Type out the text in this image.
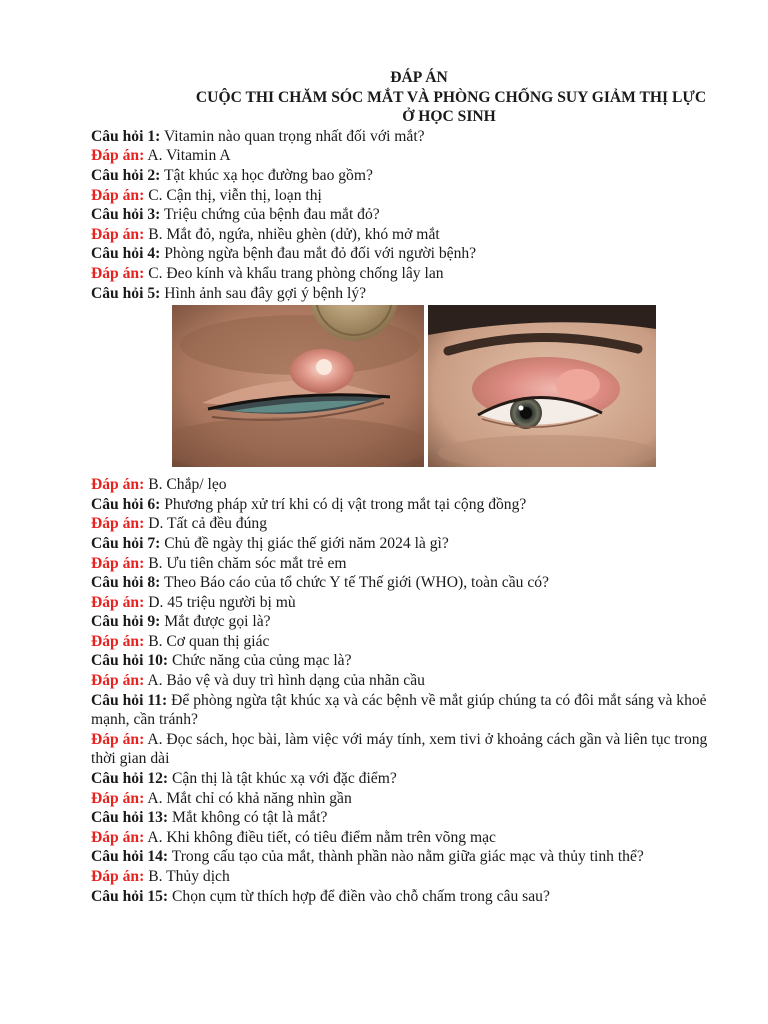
ĐÁP ÁN
CUỘC THI CHĂM SÓC MẮT VÀ PHÒNG CHỐNG SUY GIẢM THỊ LỰC
Ở HỌC SINH
Câu hỏi 1: Vitamin nào quan trọng nhất đối với mắt?
Đáp án: A. Vitamin A
Câu hỏi 2: Tật khúc xạ học đường bao gồm?
Đáp án: C. Cận thị, viễn thị, loạn thị
Câu hỏi 3: Triệu chứng của bệnh đau mắt đỏ?
Đáp án: B. Mắt đỏ, ngứa, nhiều ghèn (dử), khó mở mắt
Câu hỏi 4: Phòng ngừa bệnh đau mắt đỏ đối với người bệnh?
Đáp án: C. Đeo kính và khẩu trang phòng chống lây lan
Câu hỏi 5: Hình ảnh sau đây gợi ý bệnh lý?
Đáp án: B. Chắp/ lẹo
Câu hỏi 6: Phương pháp xử trí khi có dị vật trong mắt tại cộng đồng?
Đáp án: D. Tất cả đều đúng
Câu hỏi 7: Chủ đề ngày thị giác thế giới năm 2024 là gì?
Đáp án: B. Ưu tiên chăm sóc mắt trẻ em
Câu hỏi 8: Theo Báo cáo của tổ chức Y tế Thế giới (WHO), toàn cầu có?
Đáp án: D. 45 triệu người bị mù
Câu hỏi 9: Mắt được gọi là?
Đáp án: B. Cơ quan thị giác
Câu hỏi 10: Chức năng của củng mạc là?
Đáp án: A. Bảo vệ và duy trì hình dạng của nhãn cầu
Câu hỏi 11: Để phòng ngừa tật khúc xạ và các bệnh về mắt giúp chúng ta có đôi mắt sáng và khoẻ mạnh, cần tránh?
Đáp án: A. Đọc sách, học bài, làm việc với máy tính, xem tivi ở khoảng cách gần và liên tục trong thời gian dài
Câu hỏi 12: Cận thị là tật khúc xạ với đặc điểm?
Đáp án: A. Mắt chỉ có khả năng nhìn gần
Câu hỏi 13: Mắt không có tật là mắt?
Đáp án: A. Khi không điều tiết, có tiêu điểm nằm trên võng mạc
Câu hỏi 14: Trong cấu tạo của mắt, thành phần nào nằm giữa giác mạc và thủy tinh thể?
Đáp án: B. Thủy dịch
Câu hỏi 15: Chọn cụm từ thích hợp để điền vào chỗ chấm trong câu sau?
